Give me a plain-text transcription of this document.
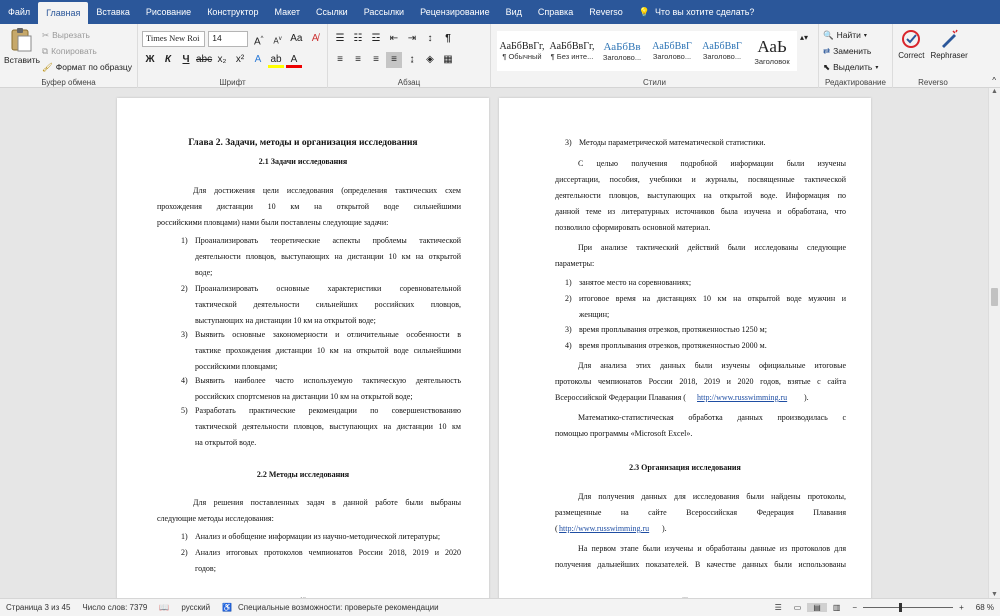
Файл	Главная	Вставка	Рисование	Конструктор	Макет	Ссылки	Рассылки	Рецензирование	Вид	Справка	Reverso	💡 Что вы хотите сделать?
Вставить
✂ Вырезать
⧉ Копировать
🖌 Формат по образцу
Буфер обмена
Times New Roi	14	A^	$A^v$ Aa A̸
Ж	К	Ч abc x₂ x²	A ab A
Шрифт
☰ ☷ ☲ ⇤ ⇥	↕	¶
≡	≡	≡	≡	↨	◈ ▦
Абзац
АаБбВвГг,
¶ Обычный
АаБбВвГг,
¶ Без инте...
АаБбВв
Заголово...
АаБбВвГ
Заголово...
АаБбВвГ
Заголово...
АаЬ
Заголовок
▴▾
Стили
🔍 Найти ▾
⇄ Заменить
⬉ Выделить ▾
Редактирование
Correct Rephraser
Reverso	^
Глава 2. Задачи, методы и организация исследования
2.1 Задачи исследования
Для достижения цели исследования (определения тактических схем
прохождения дистанции 10 км на открытой воде сильнейшими
российскими пловцами) нами были поставлены следующие задачи:
1) Проанализировать теоретические аспекты проблемы тактической
деятельности пловцов, выступающих на дистанции 10 км на открытой
воде;
2) Проанализировать основные характеристики соревновательной
тактической деятельности сильнейших российских пловцов,
выступающих на дистанции 10 км на открытой воде;
3) Выявить основные закономерности и отличительные особенности в
тактике прохождения дистанции 10 км на открытой воде сильнейшими
российскими пловцами;
4) Выявить наиболее часто используемую тактическую деятельность
российских спортсменов на дистанции 10 км на открытой воде;
5) Разработать практические рекомендации по совершенствованию
тактической деятельности пловцов, выступающих на дистанции 10 км
на открытой воде.
2.2 Методы исследования
Для решения поставленных задач в данной работе были выбраны
следующие методы исследования:
1) Анализ и обобщение информации из научно-методической литературы;
2) Анализ итоговых протоколов чемпионатов России 2018, 2019 и 2020
годов;
3) Методы параметрической математической статистики.
С целью получения подробной информации были изучены
диссертации, пособия, учебники и журналы, посвященные тактической
деятельности пловцов, выступающих на открытой воде. Информация по
данной теме из литературных источников была изучена и обработана, что
позволило сформировать основной материал.
При анализе тактический действий были исследованы следующие
параметры:
1) занятое место на соревнованиях;
2) итоговое время на дистанциях 10 км на открытой воде мужчин и
женщин;
3) время проплывания отрезков, протяженностью 1250 м;
4) время проплывания отрезков, протяженностью 2000 м.
Для анализа этих данных были изучены официальные итоговые
протоколы чемпионатов России 2018, 2019 и 2020 годов, взятые с сайта
Всероссийской Федерации Плавания ( http://www.russwimming.ru ).
Математико-статистическая обработка данных производилась с
помощью программы «Microsoft Excel».
2.3 Организация исследования
Для получения данных для исследования были найдены протоколы,
размещенные на сайте Всероссийская Федерация Плавания
http://www.russwimming.ru
(	).
На первом этапе были изучены и обработаны данные из протоколов для
получения дальнейших показателей. В качестве данных были использованы
▲
▼
Страница 3 из 45	Число слов: 7379	📖	русский	♿ Специальные возможности: проверьте рекомендации	☰	▭	▤	▥	−	+	68 %
